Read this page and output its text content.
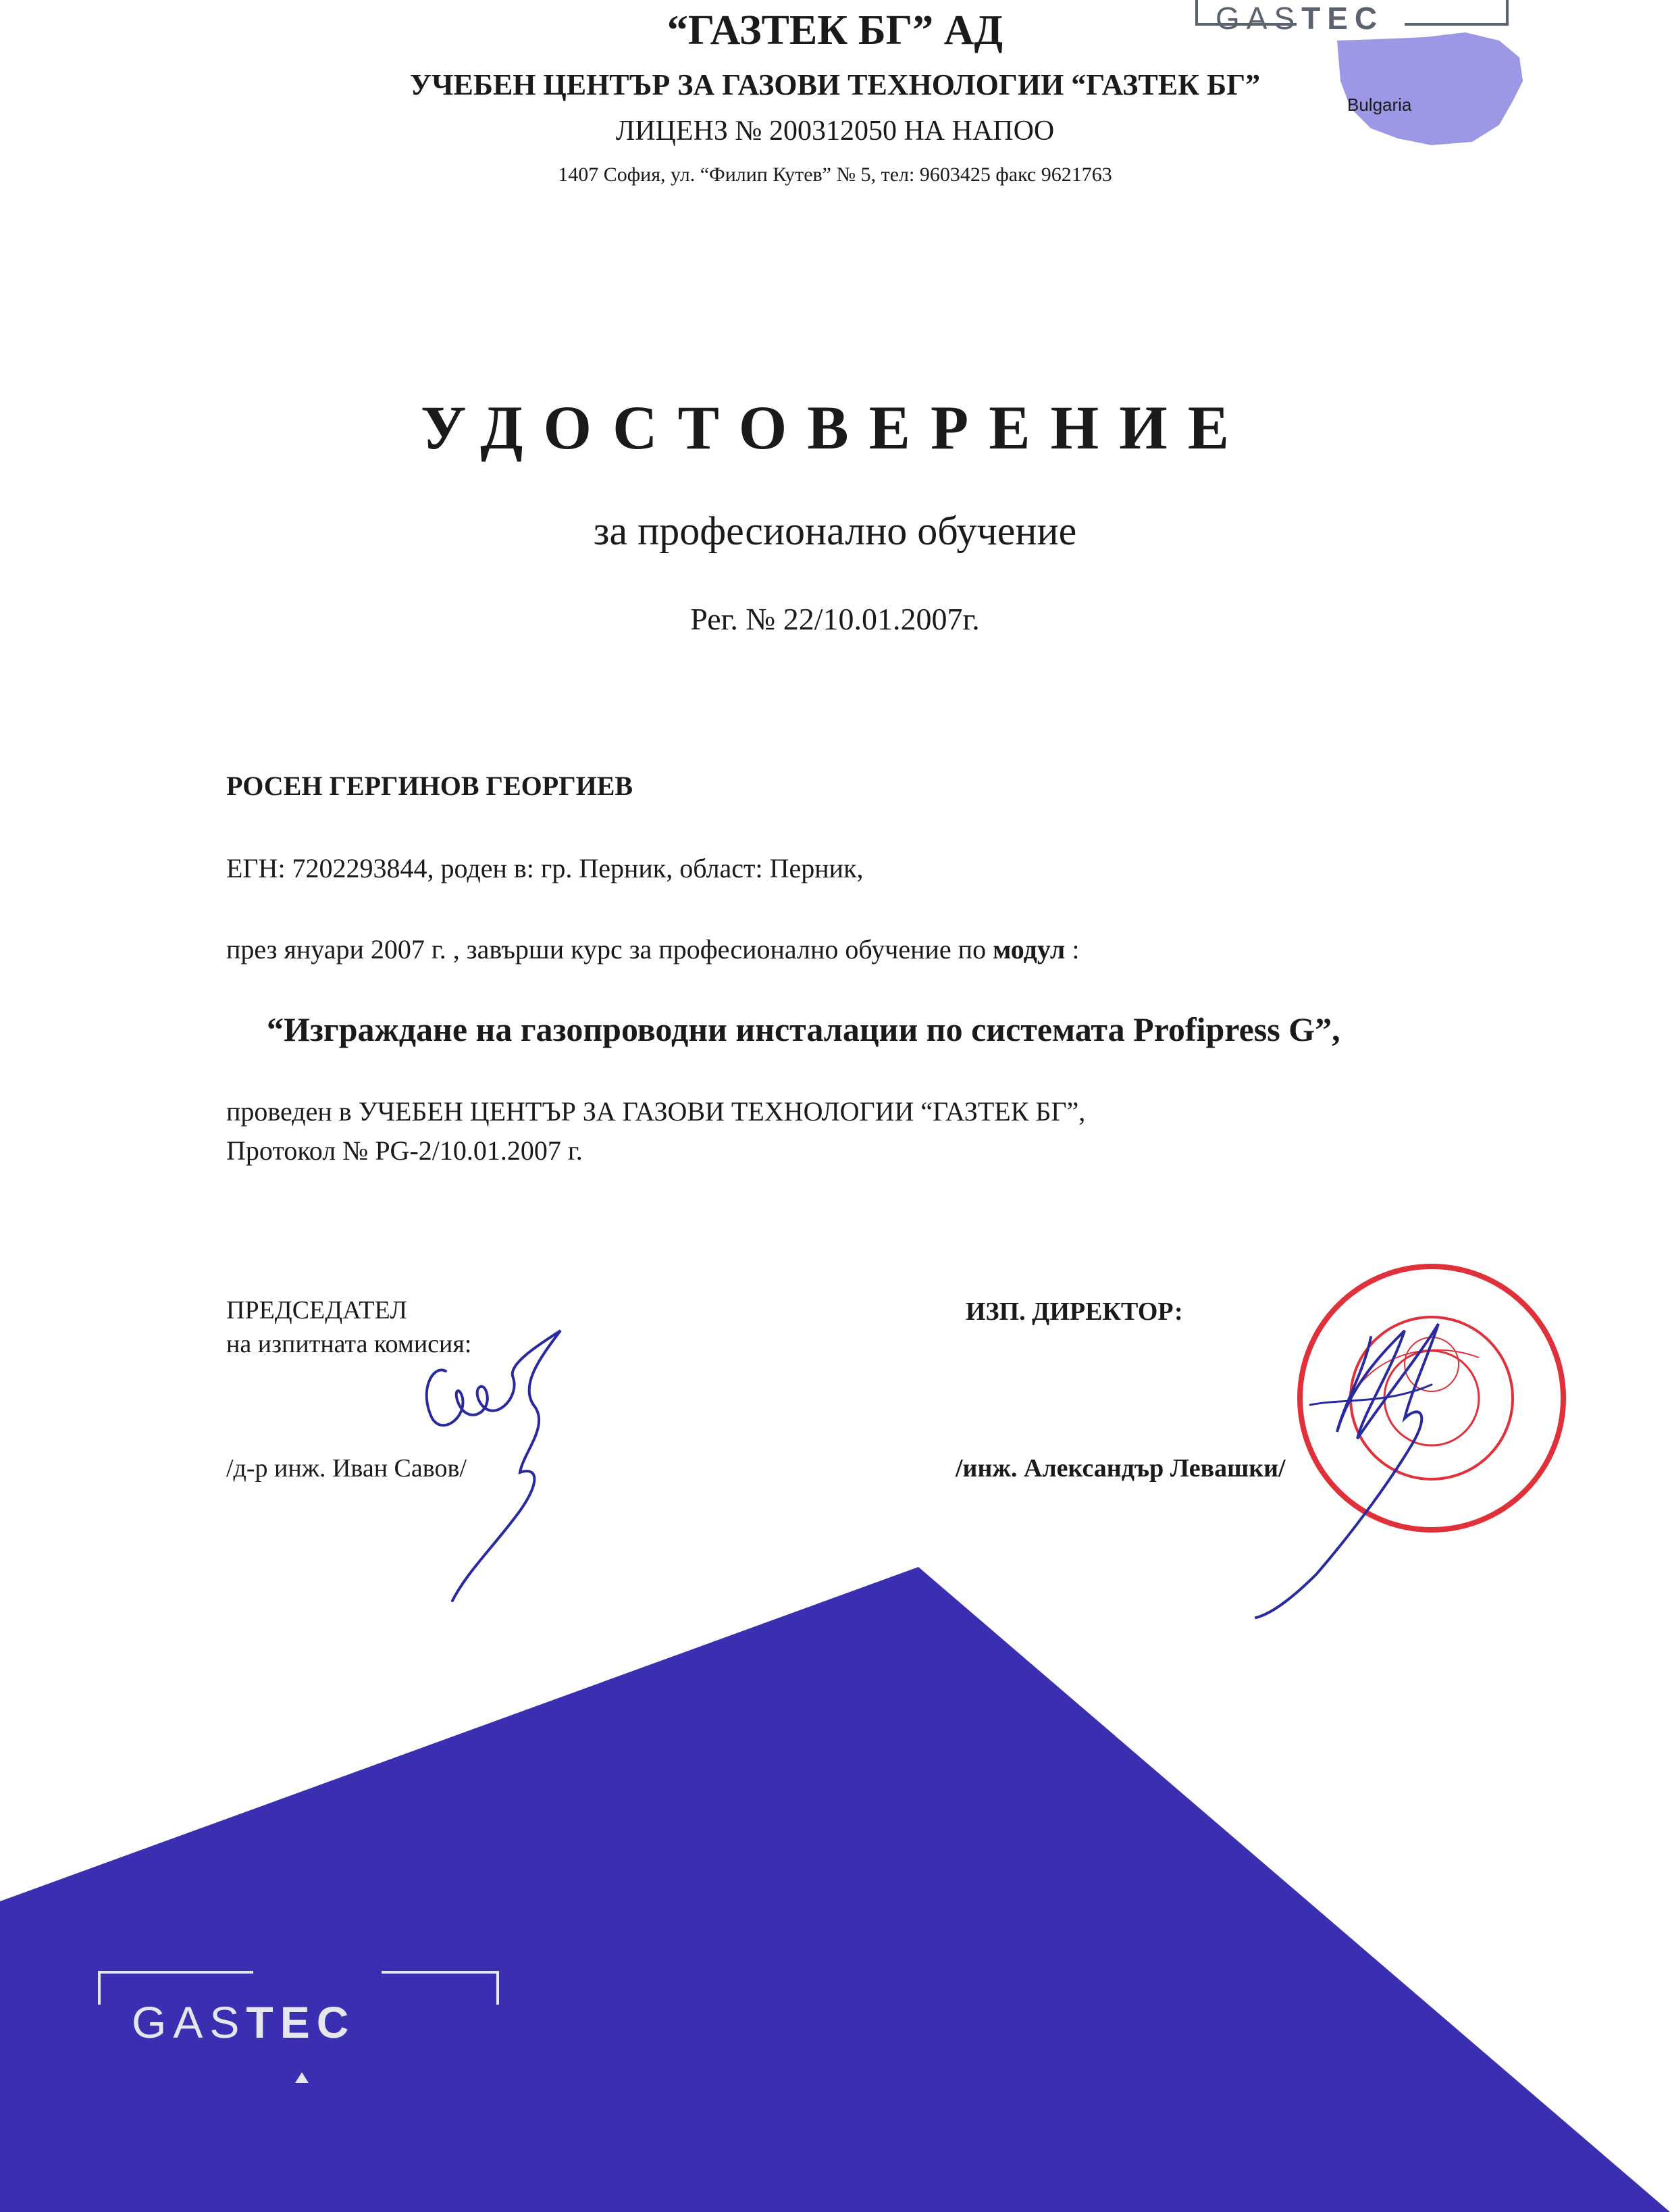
GASTEC
Bulgaria
“ГАЗТЕК БГ” АД
УЧЕБЕН ЦЕНТЪР ЗА ГАЗОВИ ТЕХНОЛОГИИ “ГАЗТЕК БГ”
ЛИЦЕНЗ № 200312050 НА НАПОО
1407 София, ул. “Филип Кутев” № 5, тел: 9603425 факс 9621763
УДОСТОВЕРЕНИЕ
за професионално обучение
Рег. № 22/10.01.2007г.
РОСЕН ГЕРГИНОВ ГЕОРГИЕВ
ЕГН: 7202293844, роден в: гр. Перник, област: Перник,
през януари 2007 г. , завърши курс за професионално обучение по модул :
“Изграждане на газопроводни инсталации по системата Profipress G”,
проведен в УЧЕБЕН ЦЕНТЪР ЗА ГАЗОВИ ТЕХНОЛОГИИ “ГАЗТЕК БГ”,
Протокол № PG-2/10.01.2007 г.
ПРЕДСЕДАТЕЛ
на изпитната комисия:
/д-р инж. Иван Савов/
ИЗП. ДИРЕКТОР:
/инж. Александър Левашки/
GASTEC
